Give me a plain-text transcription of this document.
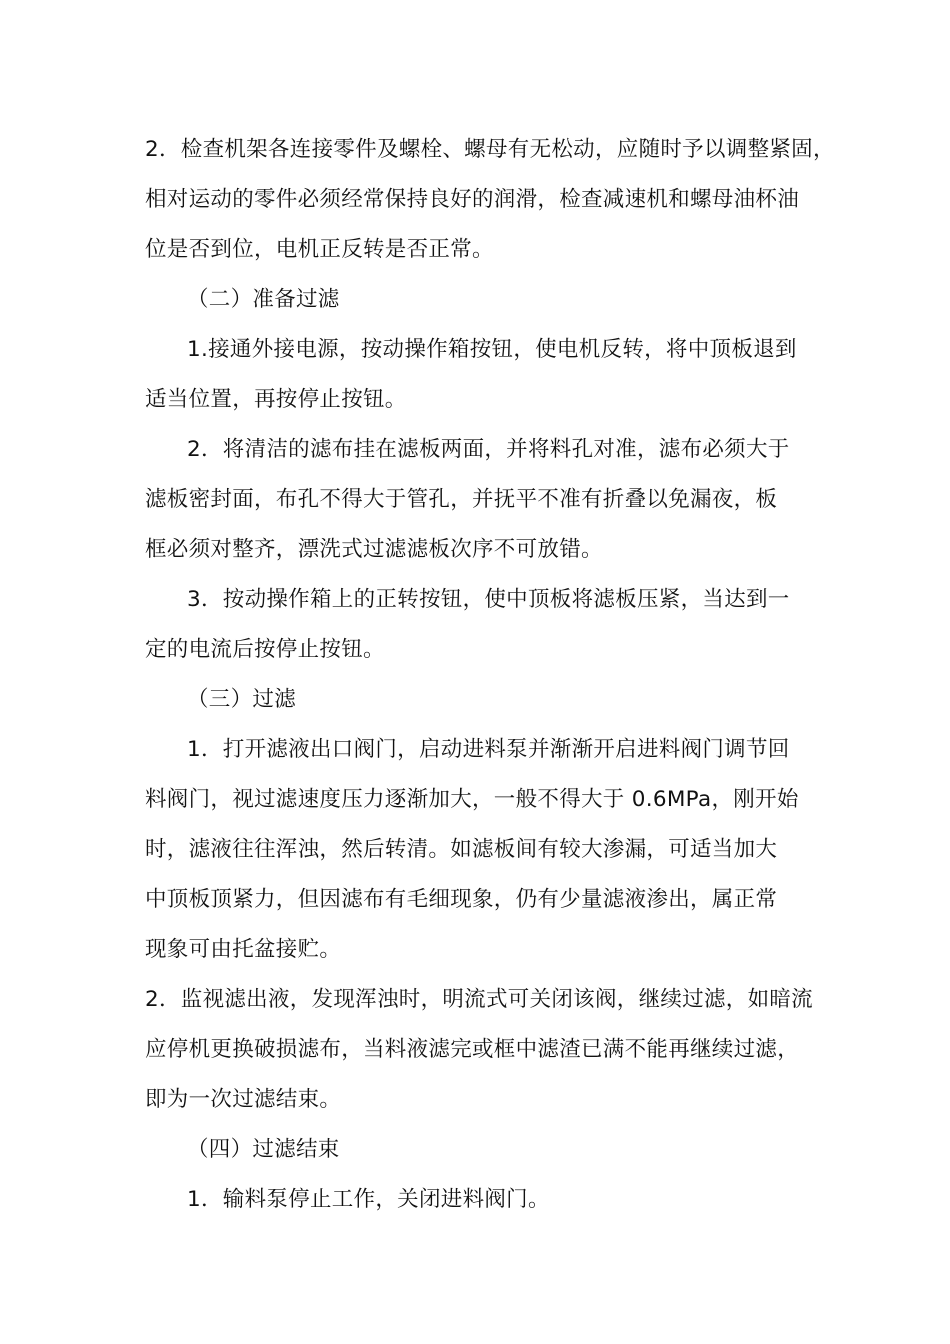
2．检查机架各连接零件及螺栓、螺母有无松动，应随时予以调整紧固，
相对运动的零件必须经常保持良好的润滑，检查减速机和螺母油杯油
位是否到位，电机正反转是否正常。
（二）准备过滤
1.接通外接电源，按动操作箱按钮，使电机反转，将中顶板退到
适当位置，再按停止按钮。
2．将清洁的滤布挂在滤板两面，并将料孔对准，滤布必须大于
滤板密封面，布孔不得大于管孔，并抚平不准有折叠以免漏夜，板
框必须对整齐，漂洗式过滤滤板次序不可放错。
3．按动操作箱上的正转按钮，使中顶板将滤板压紧，当达到一
定的电流后按停止按钮。
（三）过滤
1．打开滤液出口阀门，启动进料泵并渐渐开启进料阀门调节回
料阀门，视过滤速度压力逐渐加大，一般不得大于 0.6MPa，刚开始
时，滤液往往浑浊，然后转清。如滤板间有较大渗漏，可适当加大
中顶板顶紧力，但因滤布有毛细现象，仍有少量滤液渗出，属正常
现象可由托盆接贮。
2．监视滤出液，发现浑浊时，明流式可关闭该阀，继续过滤，如暗流
应停机更换破损滤布，当料液滤完或框中滤渣已满不能再继续过滤，
即为一次过滤结束。
（四）过滤结束
1．输料泵停止工作，关闭进料阀门。
